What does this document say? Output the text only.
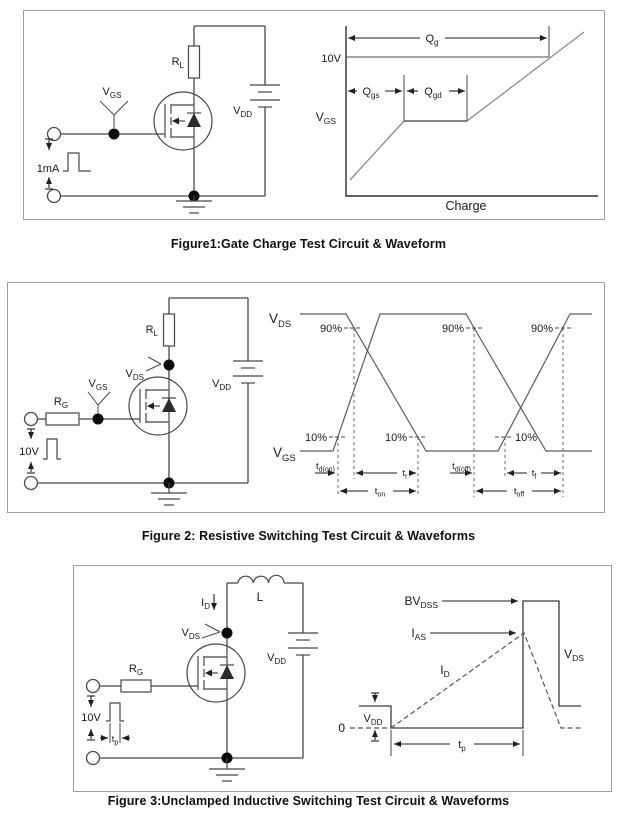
1mA
$V_{GS}$
$R_L$
$V_{DD}$
10V
$Q_g$
$Q_{gs}$	$Q_{gd}$
$V_{GS}$
Charge
Figure1:Gate Charge Test Circuit & Waveform
$R_G$
10V
$V_{GS}$
$V_{DS}$
$R_L$
$V_{DD}$
$V_{DS}$
$V_{GS}$
90%	90%	90%
10%	10%	10%
$t_{d(on)}$	$t_r$
$t_{d(off)}$	$t_f$
$t_{on}$	$t_{off}$
Figure 2: Resistive Switching Test Circuit & Waveforms
$R_G$
L
$I_D$
$V_{DS}$
$V_{DD}$
10V
$t_p$
$BV_{DSS}$
$I_{AS}$
0
$I_D$
$V_{DS}$
$V_{DD}$
$t_p$
Figure 3:Unclamped Inductive Switching Test Circuit & Waveforms
